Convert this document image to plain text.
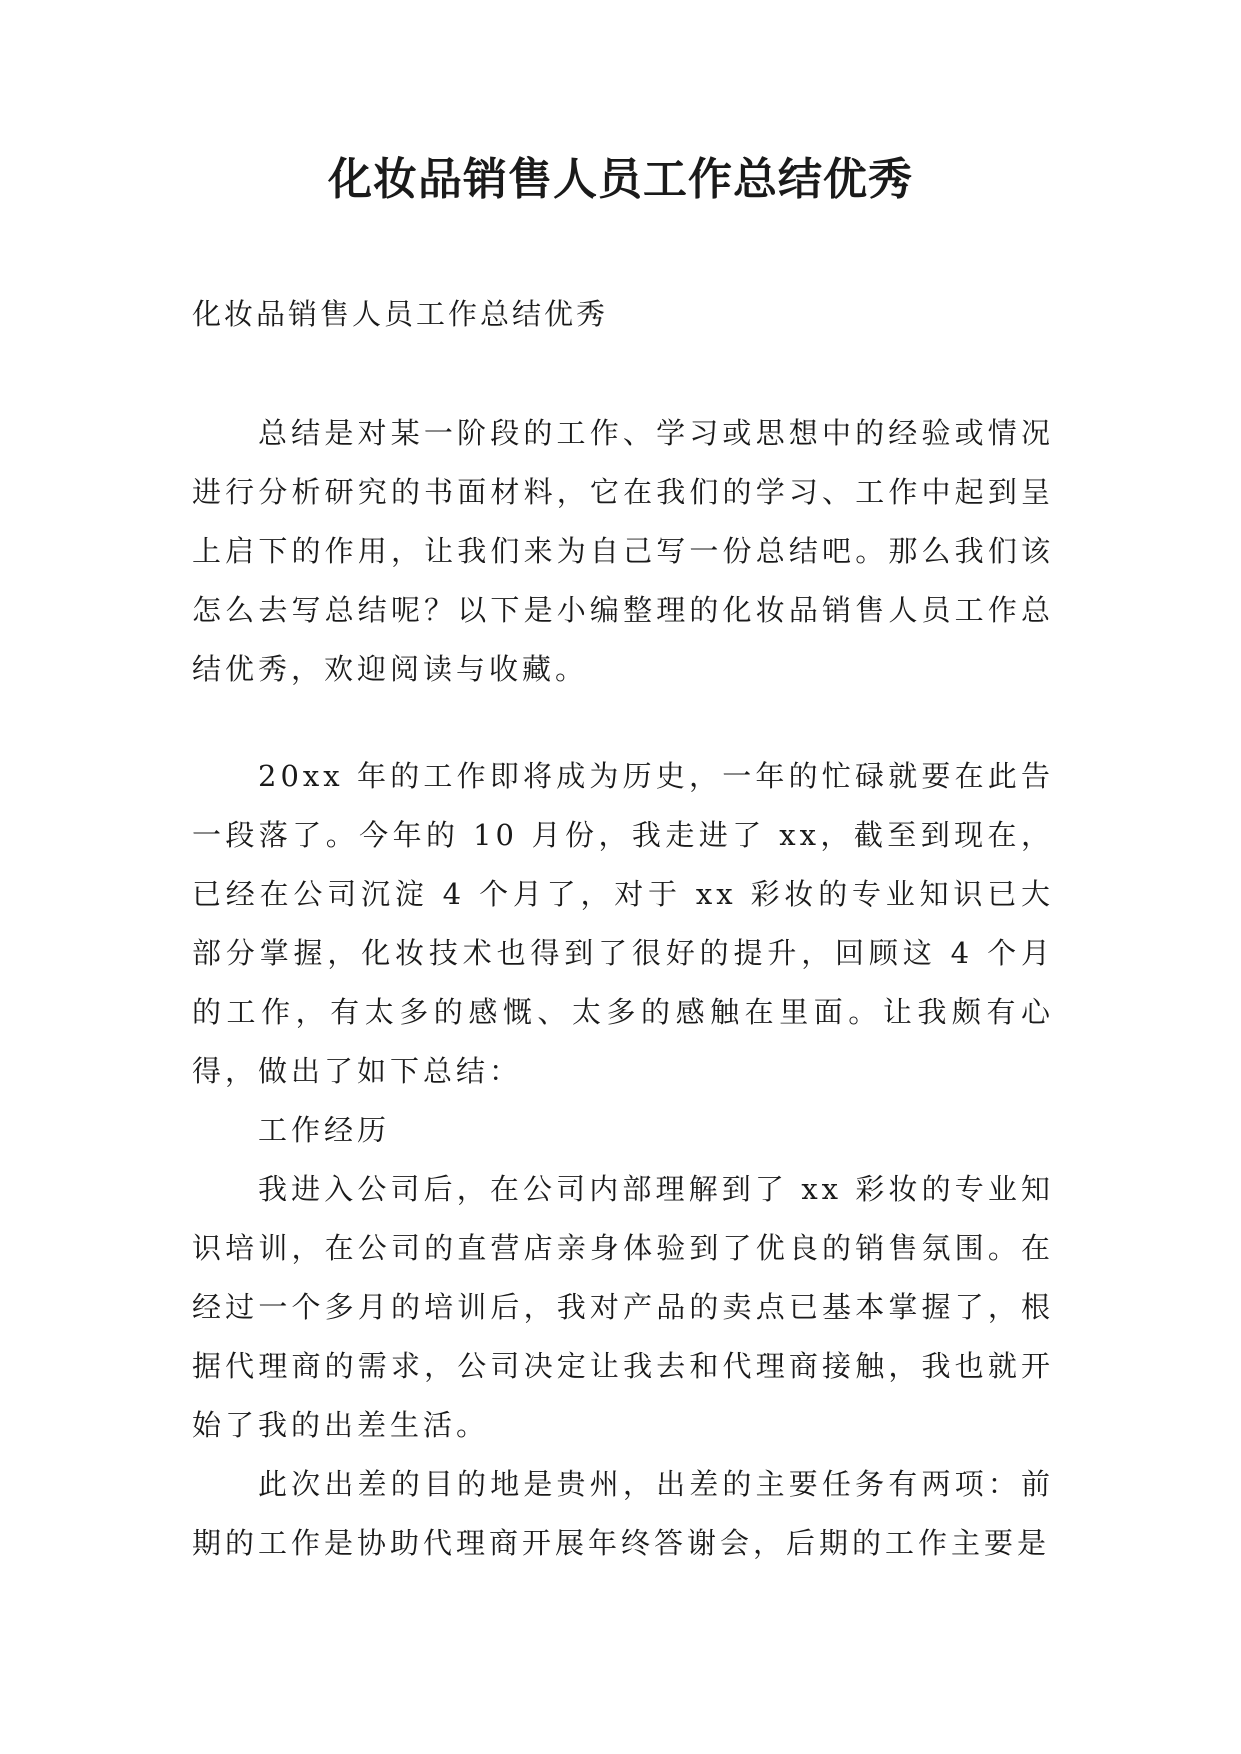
化妆品销售人员工作总结优秀
化妆品销售人员工作总结优秀

总结是对某一阶段的工作、学习或思想中的经验或情况进行分析研究的书面材料，它在我们的学习、工作中起到呈上启下的作用，让我们来为自己写一份总结吧。那么我们该怎么去写总结呢？以下是小编整理的化妆品销售人员工作总结优秀，欢迎阅读与收藏。

20xx 年的工作即将成为历史，一年的忙碌就要在此告一段落了。今年的 10 月份，我走进了 xx，截至到现在，已经在公司沉淀 4 个月了，对于 xx 彩妆的专业知识已大部分掌握，化妆技术也得到了很好的提升，回顾这 4 个月的工作，有太多的感慨、太多的感触在里面。让我颇有心得，做出了如下总结：

工作经历

我进入公司后，在公司内部理解到了 xx 彩妆的专业知识培训，在公司的直营店亲身体验到了优良的销售氛围。在经过一个多月的培训后，我对产品的卖点已基本掌握了，根据代理商的需求，公司决定让我去和代理商接触，我也就开始了我的出差生活。

此次出差的目的地是贵州，出差的主要任务有两项：前期的工作是协助代理商开展年终答谢会，后期的工作主要是
